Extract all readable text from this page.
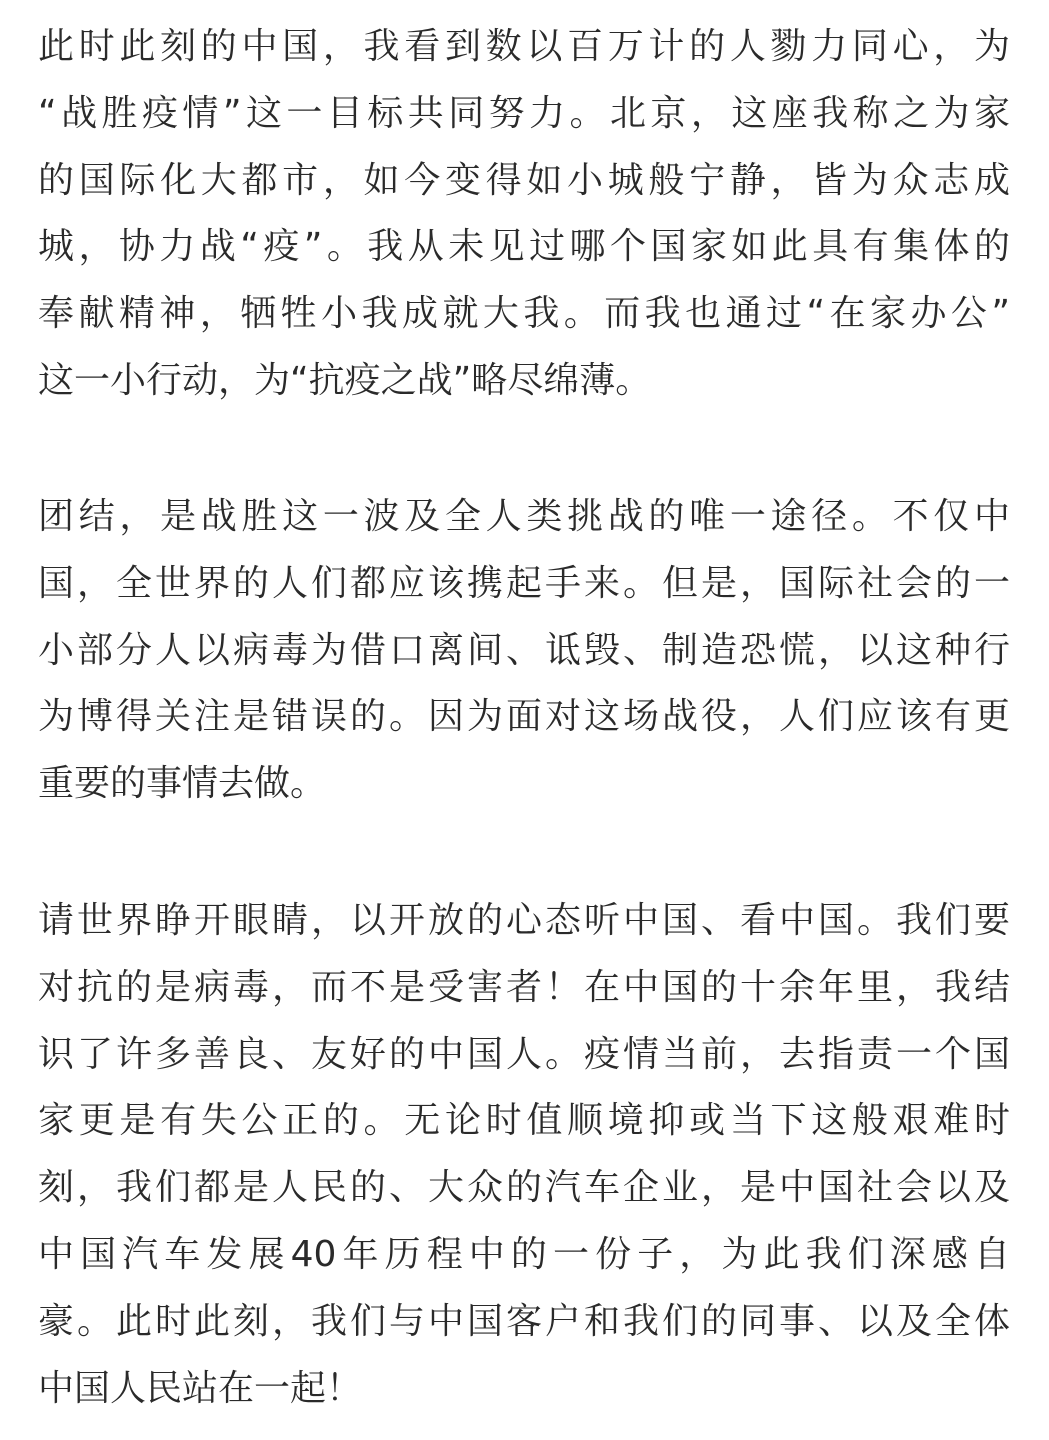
此时此刻的中国，我看到数以百万计的人勠力同心，为
“战胜疫情”这一目标共同努力。北京，这座我称之为家
的国际化大都市，如今变得如小城般宁静，皆为众志成
城，协力战“疫”。我从未见过哪个国家如此具有集体的
奉献精神，牺牲小我成就大我。而我也通过“在家办公”
这一小行动，为“抗疫之战”略尽绵薄。
团结，是战胜这一波及全人类挑战的唯一途径。不仅中
国，全世界的人们都应该携起手来。但是，国际社会的一
小部分人以病毒为借口离间、诋毁、制造恐慌，以这种行
为博得关注是错误的。因为面对这场战役，人们应该有更
重要的事情去做。
请世界睁开眼睛，以开放的心态听中国、看中国。我们要
对抗的是病毒，而不是受害者！在中国的十余年里，我结
识了许多善良、友好的中国人。疫情当前，去指责一个国
家更是有失公正的。无论时值顺境抑或当下这般艰难时
刻，我们都是人民的、大众的汽车企业，是中国社会以及
中国汽车发展40年历程中的一份子，为此我们深感自
豪。此时此刻，我们与中国客户和我们的同事、以及全体
中国人民站在一起！
